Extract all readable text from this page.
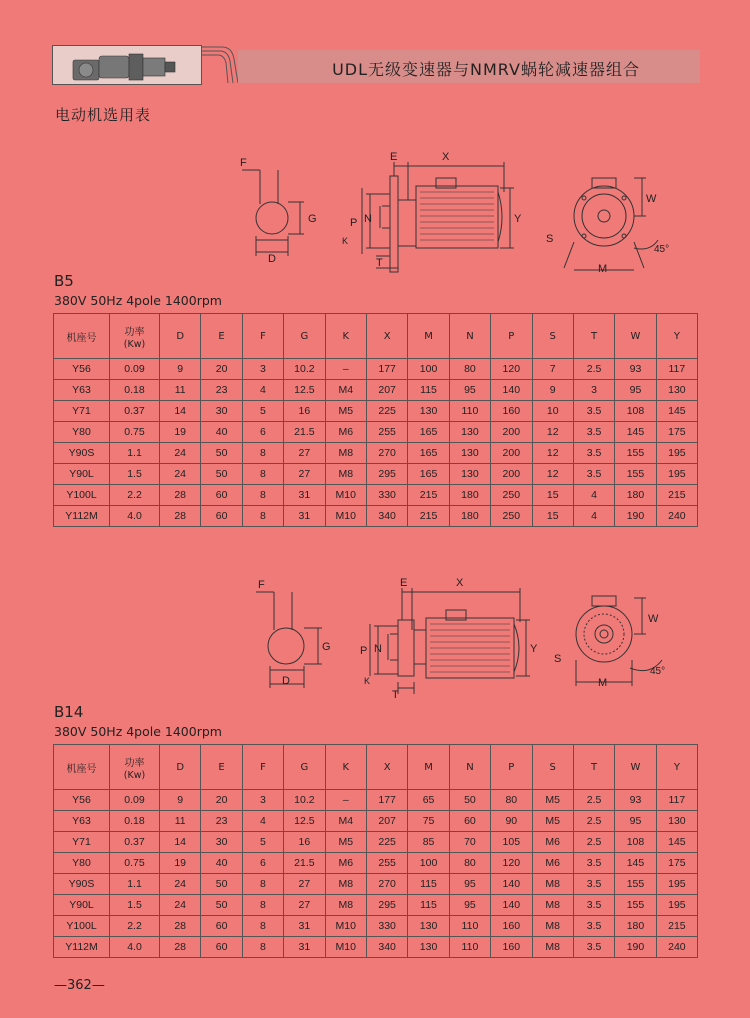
UDL无级变速器与NMRV蜗轮减速器组合
电动机选用表
F
G
D
E	X
Y
P N
K
T
W
S
M
45°
B5
380V 50Hz 4pole 1400rpm
机座号	功率
(Kw)	D	E	F	G	K	X	M	N	P	S	T	W	Y
Y56	0.09	9	20	3	10.2	–	177	100	80	120	7	2.5	93	117
Y63	0.18	11	23	4	12.5	M4	207	115	95	140	9	3	95	130
Y71	0.37	14	30	5	16	M5	225	130	110	160	10	3.5	108	145
Y80	0.75	19	40	6	21.5	M6	255	165	130	200	12	3.5	145	175
Y90S	1.1	24	50	8	27	M8	270	165	130	200	12	3.5	155	195
Y90L	1.5	24	50	8	27	M8	295	165	130	200	12	3.5	155	195
Y100L	2.2	28	60	8	31	M10	330	215	180	250	15	4	180	215
Y112M	4.0	28	60	8	31	M10	340	215	180	250	15	4	190	240
F
G
D
E	X
Y
P N
K
T
W
S
M
45°
B14
380V 50Hz 4pole 1400rpm
机座号	功率
(Kw)	D	E	F	G	K	X	M	N	P	S	T	W	Y
Y56	0.09	9	20	3	10.2	–	177	65	50	80	M5	2.5	93	117
Y63	0.18	11	23	4	12.5	M4	207	75	60	90	M5	2.5	95	130
Y71	0.37	14	30	5	16	M5	225	85	70	105	M6	2.5	108	145
Y80	0.75	19	40	6	21.5	M6	255	100	80	120	M6	3.5	145	175
Y90S	1.1	24	50	8	27	M8	270	115	95	140	M8	3.5	155	195
Y90L	1.5	24	50	8	27	M8	295	115	95	140	M8	3.5	155	195
Y100L	2.2	28	60	8	31	M10	330	130	110	160	M8	3.5	180	215
Y112M	4.0	28	60	8	31	M10	340	130	110	160	M8	3.5	190	240
—362—
